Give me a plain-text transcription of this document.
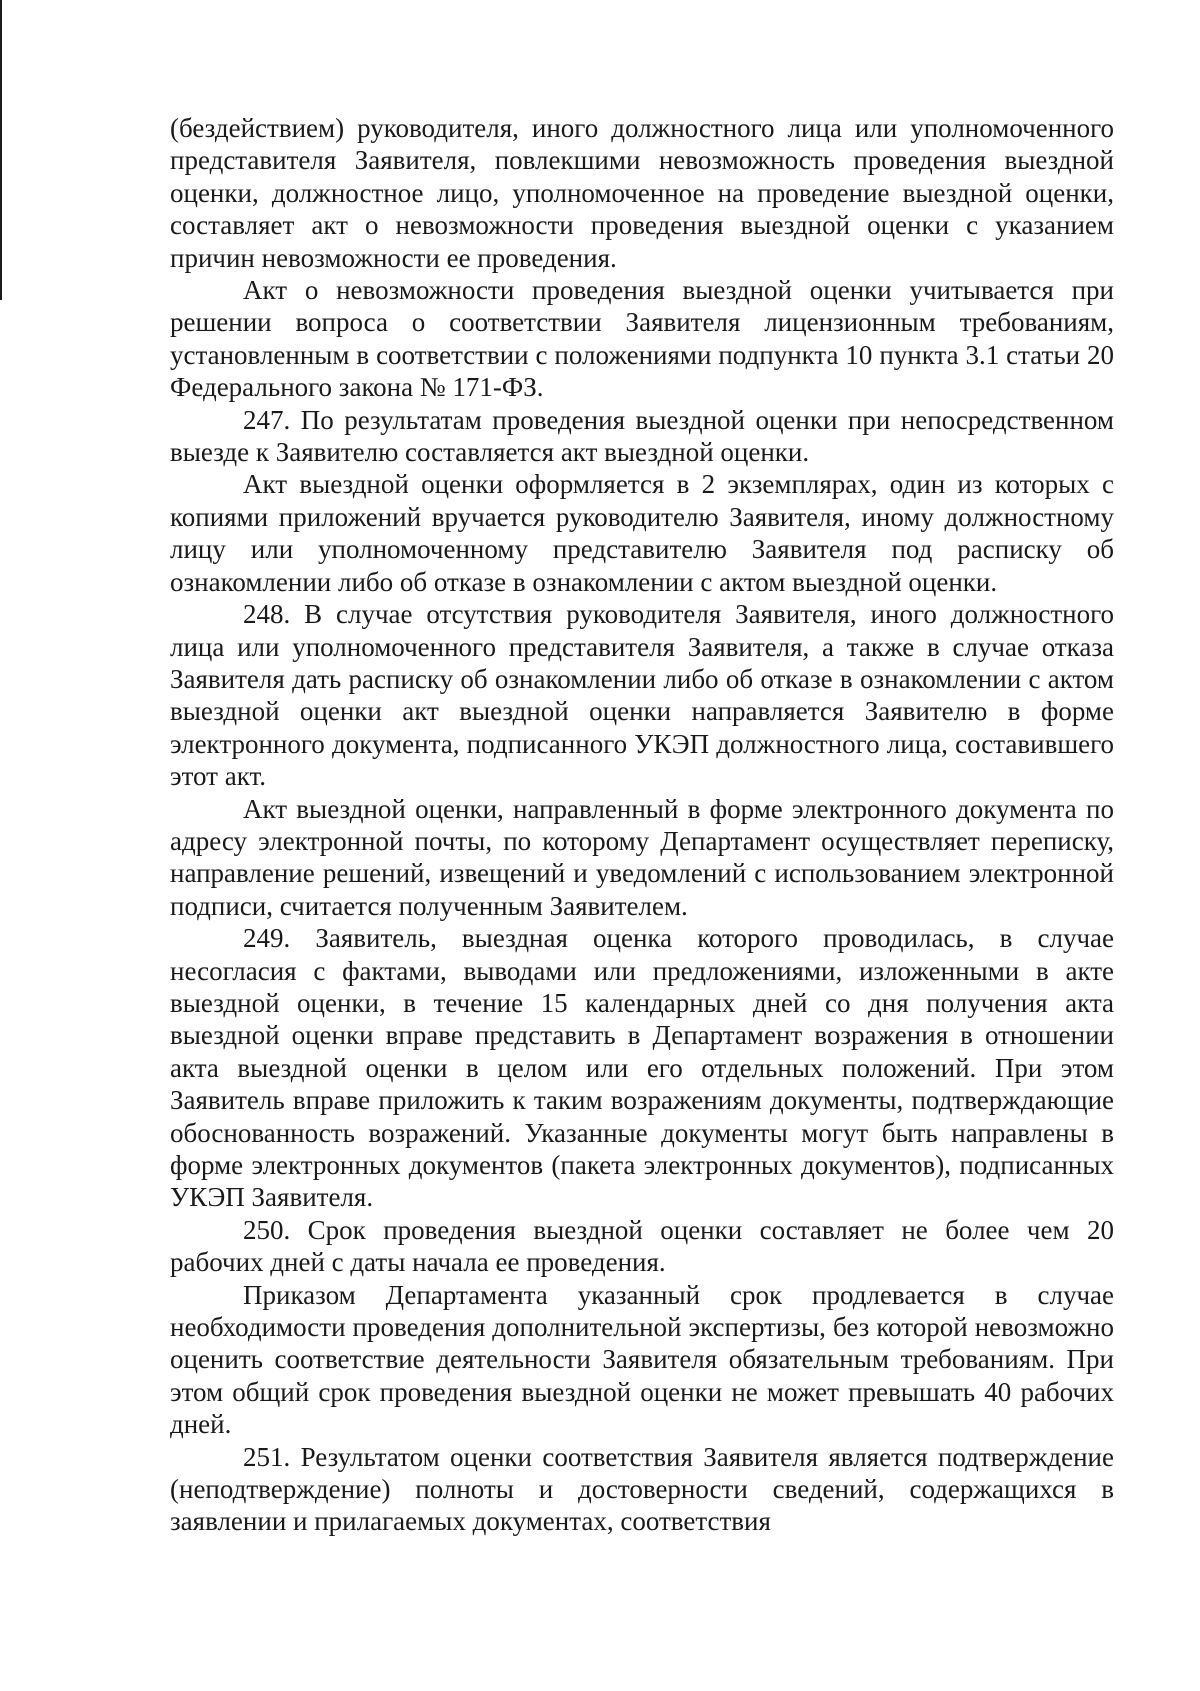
(бездействием) руководителя, иного должностного лица или уполномоченного представителя Заявителя, повлекшими невозможность проведения выездной оценки, должностное лицо, уполномоченное на проведение выездной оценки, составляет акт о невозможности проведения выездной оценки с указанием причин невозможности ее проведения.

Акт о невозможности проведения выездной оценки учитывается при решении вопроса о соответствии Заявителя лицензионным требованиям, установленным в соответствии с положениями подпункта 10 пункта 3.1 статьи 20 Федерального закона № 171-ФЗ.

247. По результатам проведения выездной оценки при непосредственном выезде к Заявителю составляется акт выездной оценки.

Акт выездной оценки оформляется в 2 экземплярах, один из которых с копиями приложений вручается руководителю Заявителя, иному должностному лицу или уполномоченному представителю Заявителя под расписку об ознакомлении либо об отказе в ознакомлении с актом выездной оценки.

248. В случае отсутствия руководителя Заявителя, иного должностного лица или уполномоченного представителя Заявителя, а также в случае отказа Заявителя дать расписку об ознакомлении либо об отказе в ознакомлении с актом выездной оценки акт выездной оценки направляется Заявителю в форме электронного документа, подписанного УКЭП должностного лица, составившего этот акт.

Акт выездной оценки, направленный в форме электронного документа по адресу электронной почты, по которому Департамент осуществляет переписку, направление решений, извещений и уведомлений с использованием электронной подписи, считается полученным Заявителем.

249. Заявитель, выездная оценка которого проводилась, в случае несогласия с фактами, выводами или предложениями, изложенными в акте выездной оценки, в течение 15 календарных дней со дня получения акта выездной оценки вправе представить в Департамент возражения в отношении акта выездной оценки в целом или его отдельных положений. При этом Заявитель вправе приложить к таким возражениям документы, подтверждающие обоснованность возражений. Указанные документы могут быть направлены в форме электронных документов (пакета электронных документов), подписанных УКЭП Заявителя.

250. Срок проведения выездной оценки составляет не более чем 20 рабочих дней с даты начала ее проведения.

Приказом Департамента указанный срок продлевается в случае необходимости проведения дополнительной экспертизы, без которой невозможно оценить соответствие деятельности Заявителя обязательным требованиям. При этом общий срок проведения выездной оценки не может превышать 40 рабочих дней.

251. Результатом оценки соответствия Заявителя является подтверждение (неподтверждение) полноты и достоверности сведений, содержащихся в заявлении и прилагаемых документах, соответствия
